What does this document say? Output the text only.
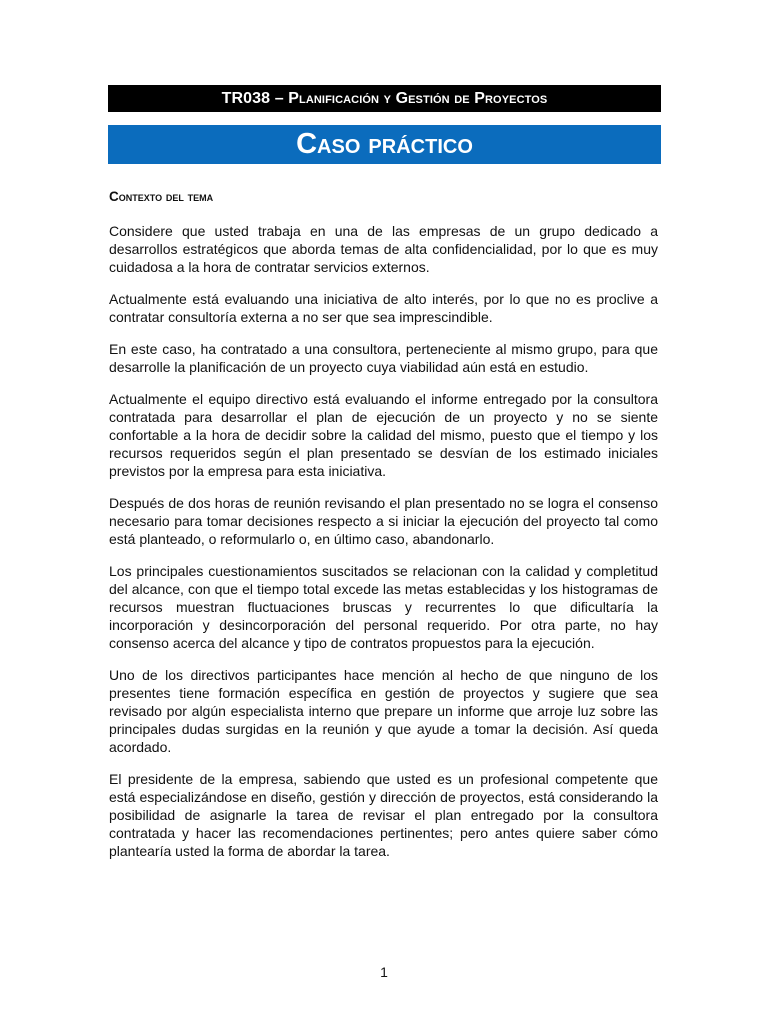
TR038 – Planificación y Gestión de Proyectos
Caso práctico
Contexto del tema

Considere que usted trabaja en una de las empresas de un grupo dedicado a desarrollos estratégicos que aborda temas de alta confidencialidad, por lo que es muy cuidadosa a la hora de contratar servicios externos.

Actualmente está evaluando una iniciativa de alto interés, por lo que no es proclive a contratar consultoría externa a no ser que sea imprescindible.

En este caso, ha contratado a una consultora, perteneciente al mismo grupo, para que desarrolle la planificación de un proyecto cuya viabilidad aún está en estudio.

Actualmente el equipo directivo está evaluando el informe entregado por la consultora contratada para desarrollar el plan de ejecución de un proyecto y no se siente confortable a la hora de decidir sobre la calidad del mismo, puesto que el tiempo y los recursos requeridos según el plan presentado se desvían de los estimado iniciales previstos por la empresa para esta iniciativa.

Después de dos horas de reunión revisando el plan presentado no se logra el consenso necesario para tomar decisiones respecto a si iniciar la ejecución del proyecto tal como está planteado, o reformularlo o, en último caso, abandonarlo.

Los principales cuestionamientos suscitados se relacionan con la calidad y completitud del alcance, con que el tiempo total excede las metas establecidas y los histogramas de recursos muestran fluctuaciones bruscas y recurrentes lo que dificultaría la incorporación y desincorporación del personal requerido. Por otra parte, no hay consenso acerca del alcance y tipo de contratos propuestos para la ejecución.

Uno de los directivos participantes hace mención al hecho de que ninguno de los presentes tiene formación específica en gestión de proyectos y sugiere que sea revisado por algún especialista interno que prepare un informe que arroje luz sobre las principales dudas surgidas en la reunión y que ayude a tomar la decisión. Así queda acordado.

El presidente de la empresa, sabiendo que usted es un profesional competente que está especializándose en diseño, gestión y dirección de proyectos, está considerando la posibilidad de asignarle la tarea de revisar el plan entregado por la consultora contratada y hacer las recomendaciones pertinentes; pero antes quiere saber cómo plantearía usted la forma de abordar la tarea.

1
